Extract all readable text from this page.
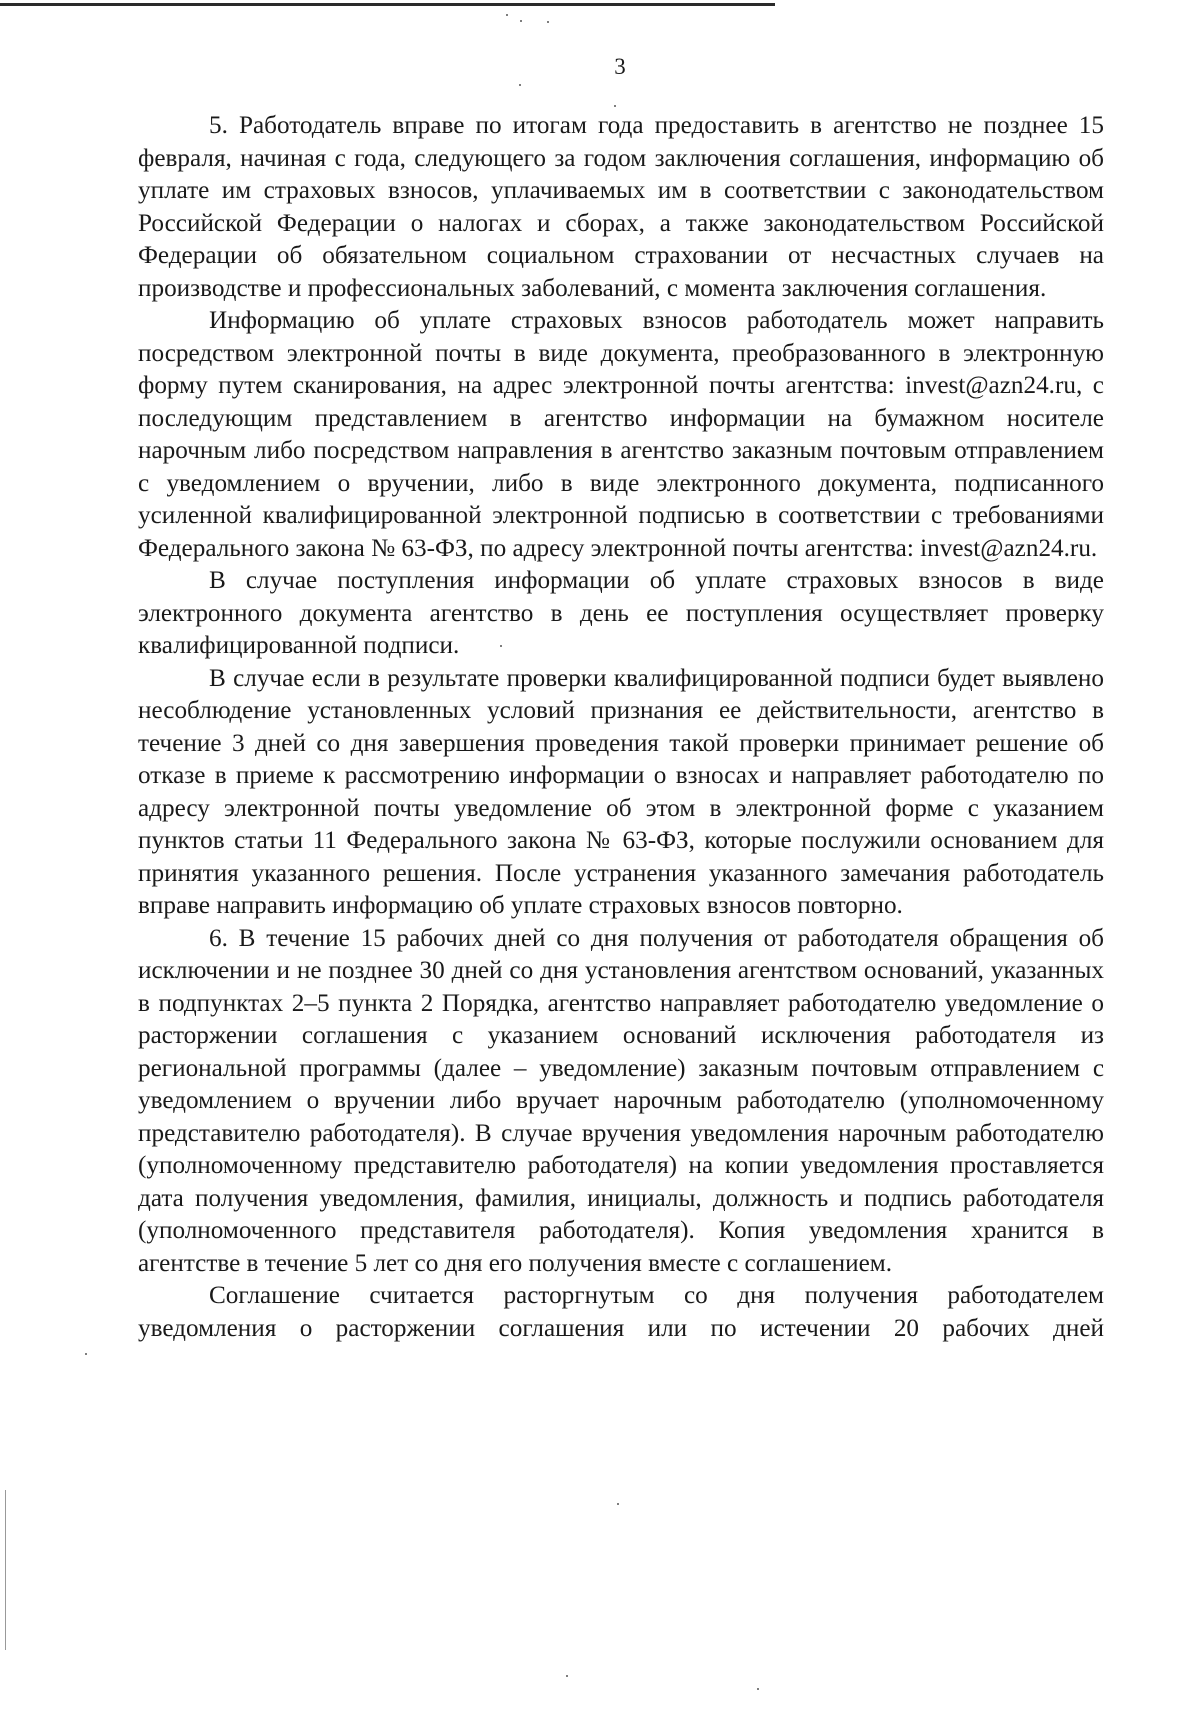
3

5. Работодатель вправе по итогам года предоставить в агентство не позднее 15 февраля, начиная с года, следующего за годом заключения соглашения, информацию об уплате им страховых взносов, уплачиваемых им в соответствии с законодательством Российской Федерации о налогах и сборах, а также законодательством Российской Федерации об обязательном социальном страховании от несчастных случаев на производстве и профессиональных заболеваний, с момента заключения соглашения.

Информацию об уплате страховых взносов работодатель может направить посредством электронной почты в виде документа, преобразованного в электронную форму путем сканирования, на адрес электронной почты агентства: invest@azn24.ru, с последующим представлением в агентство информации на бумажном носителе нарочным либо посредством направления в агентство заказным почтовым отправлением с уведомлением о вручении, либо в виде электронного документа, подписанного усиленной квалифицированной электронной подписью в соответствии с требованиями Федерального закона № 63-ФЗ, по адресу электронной почты агентства: invest@azn24.ru.

В случае поступления информации об уплате страховых взносов в виде электронного документа агентство в день ее поступления осуществляет проверку квалифицированной подписи.

В случае если в результате проверки квалифицированной подписи будет выявлено несоблюдение установленных условий признания ее действительности, агентство в течение 3 дней со дня завершения проведения такой проверки принимает решение об отказе в приеме к рассмотрению информации о взносах и направляет работодателю по адресу электронной почты уведомление об этом в электронной форме с указанием пунктов статьи 11 Федерального закона № 63-ФЗ, которые послужили основанием для принятия указанного решения. После устранения указанного замечания работодатель вправе направить информацию об уплате страховых взносов повторно.

6. В течение 15 рабочих дней со дня получения от работодателя обращения об исключении и не позднее 30 дней со дня установления агентством оснований, указанных в подпунктах 2–5 пункта 2 Порядка, агентство направляет работодателю уведомление о расторжении соглашения с указанием оснований исключения работодателя из региональной программы (далее – уведомление) заказным почтовым отправлением с уведомлением о вручении либо вручает нарочным работодателю (уполномоченному представителю работодателя). В случае вручения уведомления нарочным работодателю (уполномоченному представителю работодателя) на копии уведомления проставляется дата получения уведомления, фамилия, инициалы, должность и подпись работодателя (уполномоченного представителя работодателя). Копия уведомления хранится в агентстве в течение 5 лет со дня его получения вместе с соглашением.

Соглашение считается расторгнутым со дня получения работодателем уведомления о расторжении соглашения или по истечении 20 рабочих дней
